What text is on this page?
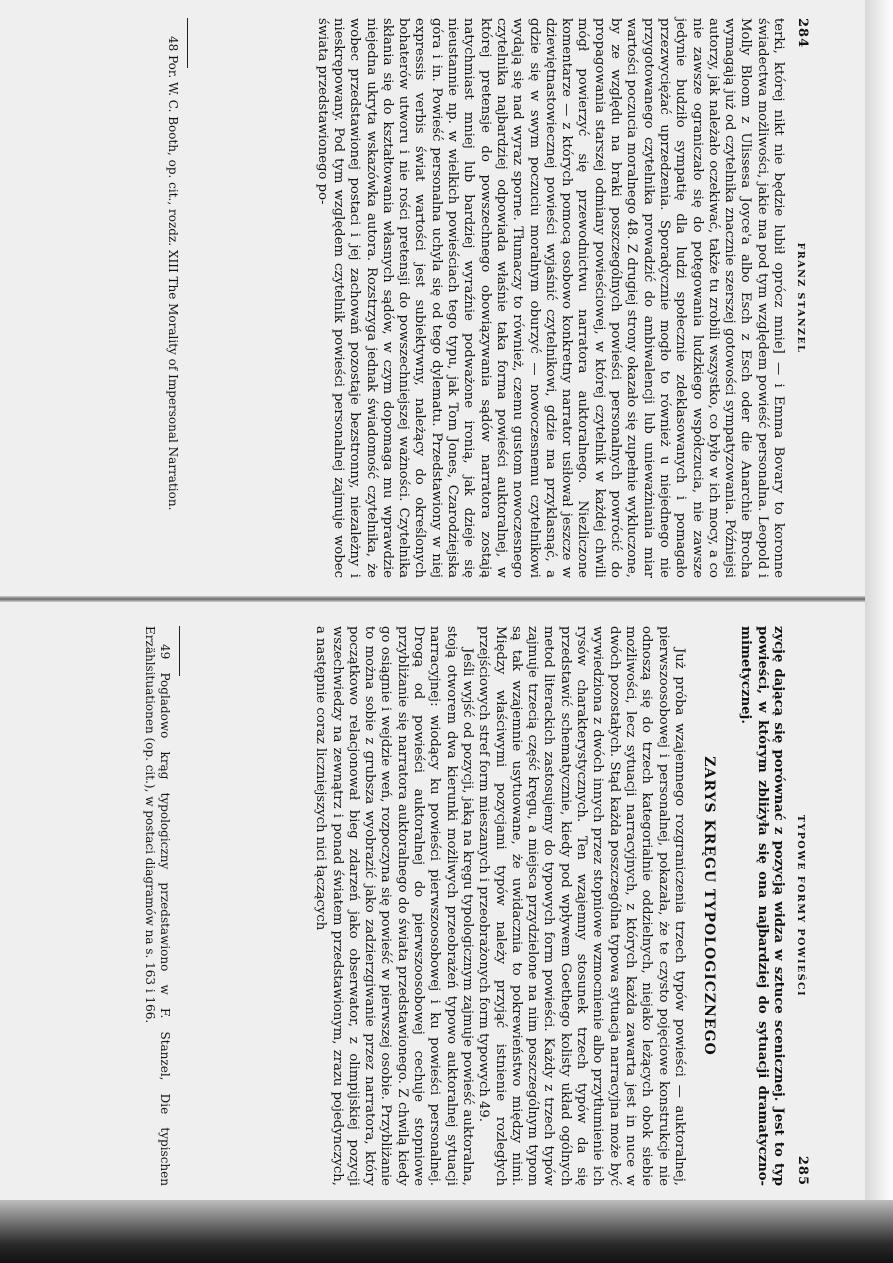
284
FRANZ STANZEL

terki, której nikt nie będzie lubił oprócz mnie] — i Emma Bovary to koronne świadectwa możliwości, jakie ma pod tym względem powieść personalna. Leopold i Molly Bloom z Ulissesa Joyce'a albo Esch z Esch oder die Anarchie Brocha wymagają już od czytelnika znacznie szerszej gotowości sympatyzowania. Późniejsi autorzy, jak należało oczekiwać, także tu zrobili wszystko, co było w ich mocy, a co nie zawsze ograniczało się do potęgowania ludzkiego współczucia, nie zawsze jedynie budziło sympatię dla ludzi społecznie zdeklasowanych i pomagało przezwyciężać uprzedzenia. Sporadycznie mogło to również u niejednego nie przygotowanego czytelnika prowadzić do ambiwalencji lub unieważniania miar wartości poczucia moralnego 48. Z drugiej strony okazało się zupełnie wykluczone, by ze względu na braki poszczególnych powieści personalnych powrócić do propagowania starszej odmiany powieściowej, w której czytelnik w każdej chwili mógł powierzyć się przewodnictwu narratora auktoralnego. Niezliczone komentarze — z których pomocą osobowo konkretny narrator usiłował jeszcze w dziewiętnastowiecznej powieści wyjaśnić czytelnikowi, gdzie ma przyklasnąć, a gdzie się w swym poczuciu moralnym oburzyć — nowoczesnemu czytelnikowi wydają się nad wyraz sporne. Tłumaczy to również, czemu gustom nowoczesnego czytelnika najbardziej odpowiada właśnie taka forma powieści auktoralnej, w której pretensje do powszechnego obowiązywania sądów narratora zostają natychmiast mniej lub bardziej wyraźnie podważone ironią, jak dzieje się nieustannie np. w wielkich powieściach tego typu, jak Tom Jones, Czarodziejska góra i in. Powieść personalna uchyla się od tego dylematu. Przedstawiony w niej expressis verbis świat wartości jest subiektywny, należący do określonych bohaterów utworu i nie rości pretensji do powszechniejszej ważności. Czytelnika skłania się do kształtowania własnych sądów, w czym dopomaga mu wprawdzie niejedna ukryta wskazówka autora. Rozstrzyga jednak świadomość czytelnika, że wobec przedstawionej postaci i jej zachowań pozostaje bezstronny, niezależny i nieskrępowany. Pod tym względem czytelnik powieści personalnej zajmuje wobec świata przedstawionego po-

48 Por. W. C. Booth, op. cit., rozdz. XIII The Morality of Impersonal Narration.

TYPOWE FORMY POWIEŚCI
285

zycję dającą się porównać z pozycją widza w sztuce scenicznej. Jest to typ powieści, w którym zbliżyła się ona najbardziej do sytuacji dramatyczno-mimetycznej.

ZARYS KRĘGU TYPOLOGICZNEGO

Już próba wzajemnego rozgraniczenia trzech typów powieści — auktoralnej, pierwszoosobowej i personalnej, pokazała, że te czysto pojęciowe konstrukcje nie odnoszą się do trzech kategorialnie oddzielnych, niejako leżących obok siebie możliwości, lecz sytuacji narracyjnych, z których każda zawarta jest in nuce w dwóch pozostałych. Stąd każda poszczególna typowa sytuacja narracyjna może być wywiedziona z dwóch innych przez stopniowe wzmocnienie albo przytłumienie ich rysów charakterystycznych. Ten wzajemny stosunek trzech typów da się przedstawić schematycznie, kiedy pod wpływem Goethego kolisty układ ogólnych metod literackich zastosujemy do typowych form powieści. Każdy z trzech typów zajmuje trzecią część kręgu, a miejsca przydzielone na nim poszczególnym typom są tak wzajemnie usytuowane, że uwidacznia to pokrewieństwo między nimi. Między właściwymi pozycjami typów należy przyjąć istnienie rozległych przejściowych stref form mieszanych i przeobrażonych form typowych 49.

Jeśli wyjść od pozycji, jaką na kręgu typologicznym zajmuje powieść auktoralna, stoją otworem dwa kierunki możliwych przeobrażeń typowo auktoralnej sytuacji narracyjnej: wiodący ku powieści pierwszoosobowej i ku powieści personalnej. Drogą od powieści auktoralnej do pierwszoosobowej cechuje stopniowe przybliżanie się narratora auktoralnego do świata przedstawionego. Z chwilą kiedy go osiągnie i wejdzie weń, rozpoczyna się powieść w pierwszej osobie. Przybliżanie to można sobie z grubsza wyobrazić jako zadzierzgiwanie przez narratora, który początkowo relacjonował bieg zdarzeń jako obserwator, z olimpijskiej pozycji wszechwiedzy na zewnątrz i ponad światem przedstawionym, zrazu pojedynczych, a następnie coraz liczniejszych nici łączących

49 Pogladowo krąg typologiczny przedstawiono w F. Stanzel, Die typischen Erzählsituationen (op. cit.), w postaci diagramów na s. 163 i 166.
